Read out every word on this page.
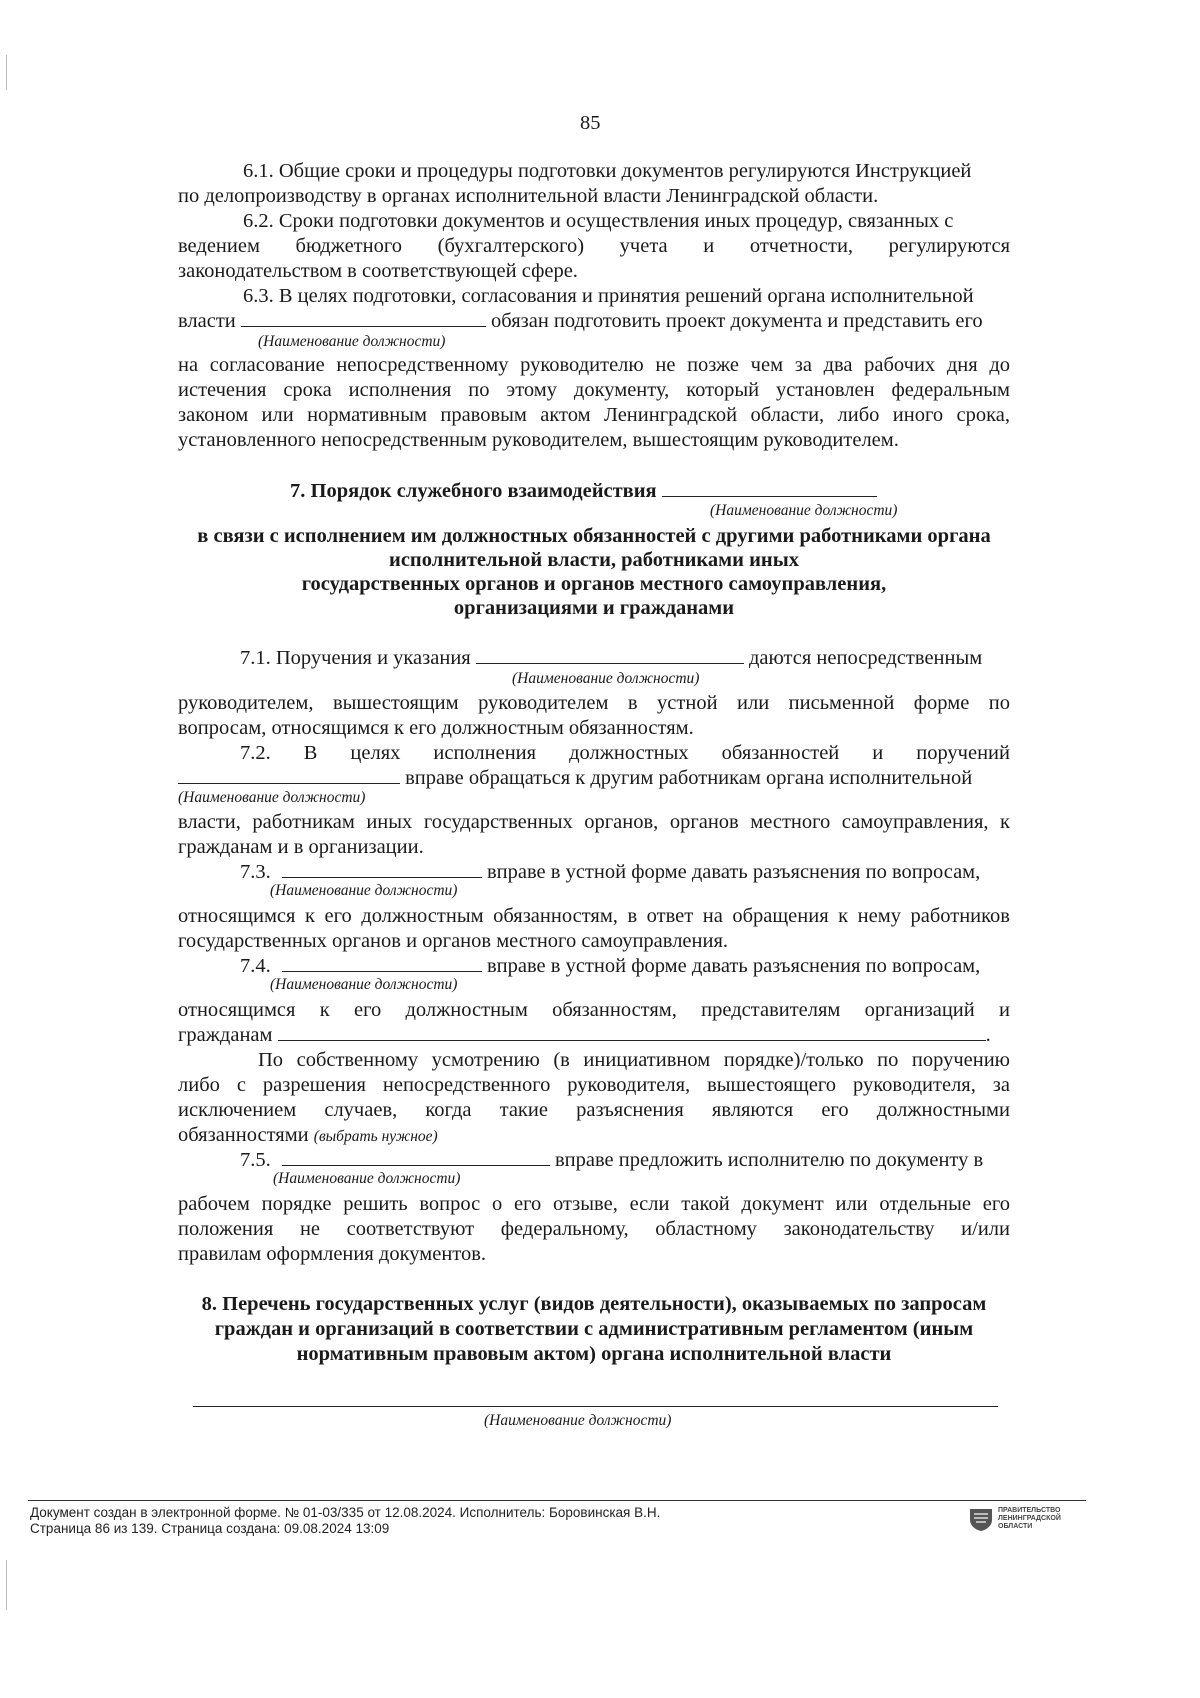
85
6.1. Общие сроки и процедуры подготовки документов регулируются Инструкцией
по делопроизводству в органах исполнительной власти Ленинградской области.
6.2. Сроки подготовки документов и осуществления иных процедур, связанных с
ведением бюджетного (бухгалтерского) учета и отчетности, регулируются
законодательством в соответствующей сфере.
6.3. В целях подготовки, согласования и принятия решений органа исполнительной
власти	обязан подготовить проект документа и представить его
(Наименование должности)
на согласование непосредственному руководителю не позже чем за два рабочих дня до
истечения срока исполнения по этому документу, который установлен федеральным
законом или нормативным правовым актом Ленинградской области, либо иного срока,
установленного непосредственным руководителем, вышестоящим руководителем.
7. Порядок служебного взаимодействия
(Наименование должности)
в связи с исполнением им должностных обязанностей с другими работниками органа
исполнительной власти, работниками иных
государственных органов и органов местного самоуправления,
организациями и гражданами
7.1. Поручения и указания	даются непосредственным
(Наименование должности)
руководителем, вышестоящим руководителем в устной или письменной форме по
вопросам, относящимся к его должностным обязанностям.
7.2. В целях исполнения должностных обязанностей и поручений
вправе обращаться к другим работникам органа исполнительной
(Наименование должности)
власти, работникам иных государственных органов, органов местного самоуправления, к
гражданам и в организации.
7.3.	вправе в устной форме давать разъяснения по вопросам,
(Наименование должности)
относящимся к его должностным обязанностям, в ответ на обращения к нему работников
государственных органов и органов местного самоуправления.
7.4.	вправе в устной форме давать разъяснения по вопросам,
(Наименование должности)
относящимся к его должностным обязанностям, представителям организаций и
гражданам	.
По собственному усмотрению (в инициативном порядке)/только по поручению
либо с разрешения непосредственного руководителя, вышестоящего руководителя, за
исключением случаев, когда такие разъяснения являются его должностными
обязанностями (выбрать нужное)
7.5.	вправе предложить исполнителю по документу в
(Наименование должности)
рабочем порядке решить вопрос о его отзыве, если такой документ или отдельные его
положения не соответствуют федеральному, областному законодательству и/или
правилам оформления документов.
8. Перечень государственных услуг (видов деятельности), оказываемых по запросам
граждан и организаций в соответствии с административным регламентом (иным
нормативным правовым актом) органа исполнительной власти
(Наименование должности)
Документ создан в электронной форме. № 01-03/335 от 12.08.2024. Исполнитель: Боровинская В.Н.
Страница 86 из 139. Страница создана: 09.08.2024 13:09
ПРАВИТЕЛЬСТВО ЛЕНИНГРАДСКОЙ ОБЛАСТИ
